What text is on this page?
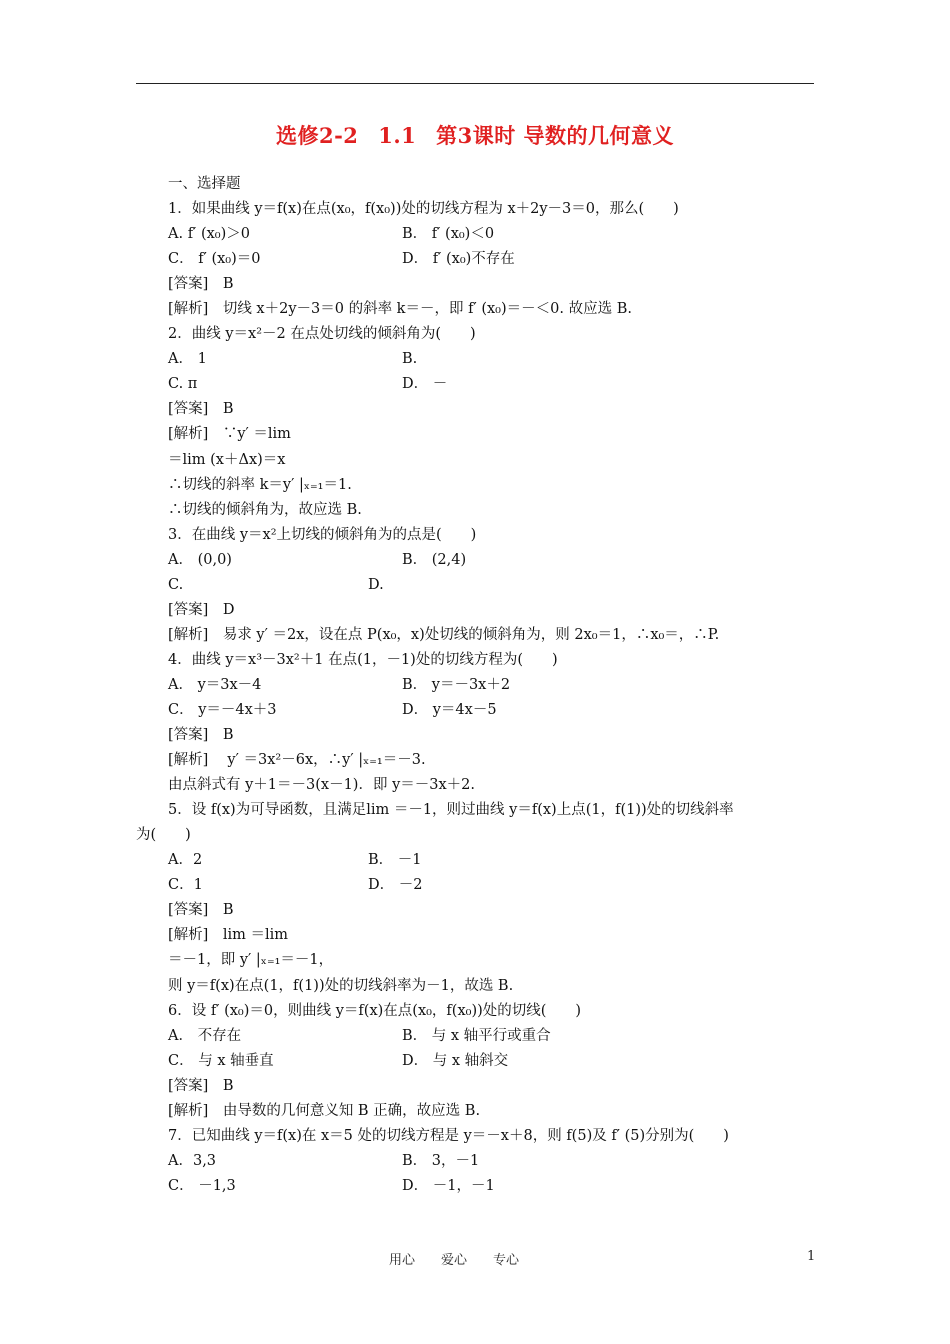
选修2-2 1.1 第3课时 导数的几何意义
一、选择题
1．如果曲线 y＝f(x)在点(x₀，f(x₀))处的切线方程为 x＋2y－3＝0，那么(　　)
A. f′ (x₀)＞0	B． f′ (x₀)＜0
C． f′ (x₀)＝0	D． f′ (x₀)不存在
[答案]　B
[解析]　切线 x＋2y－3＝0 的斜率 k＝－，即 f′ (x₀)＝－＜0. 故应选 B.
2．曲线 y＝x²－2 在点处切线的倾斜角为(　　)
A． 1	B.
C. π	D． －
[答案]　B
[解析]　∵y′ ＝lim
＝lim (x＋Δx)＝x
∴切线的斜率 k＝y′ |ₓ₌₁＝1.
∴切线的倾斜角为，故应选 B.
3．在曲线 y＝x²上切线的倾斜角为的点是(　　)
A． (0,0)	B． (2,4)
C.	D.
[答案]　D
[解析]　易求 y′ ＝2x，设在点 P(x₀，x)处切线的倾斜角为，则 2x₀＝1，∴x₀＝，∴P.
4．曲线 y＝x³－3x²＋1 在点(1，－1)处的切线方程为(　　)
A． y＝3x－4	B． y＝－3x＋2
C． y＝－4x＋3	D． y＝4x－5
[答案]　B
[解析]　 y′ ＝3x²－6x，∴y′ |ₓ₌₁＝－3.
由点斜式有 y＋1＝－3(x－1)．即 y＝－3x＋2.
5．设 f(x)为可导函数，且满足lim ＝－1，则过曲线 y＝f(x)上点(1，f(1))处的切线斜率
为(　　)
A．2	B． －1
C．1	D． －2
[答案]　B
[解析]　lim ＝lim
＝－1，即 y′ |ₓ₌₁＝－1，
则 y＝f(x)在点(1，f(1))处的切线斜率为－1，故选 B.
6．设 f′ (x₀)＝0，则曲线 y＝f(x)在点(x₀，f(x₀))处的切线(　　)
A． 不存在	B． 与 x 轴平行或重合
C． 与 x 轴垂直	D． 与 x 轴斜交
[答案]　B
[解析]　由导数的几何意义知 B 正确，故应选 B.
7．已知曲线 y＝f(x)在 x＝5 处的切线方程是 y＝－x＋8，则 f(5)及 f′ (5)分别为(　　)
A．3,3	B． 3，－1
C． －1,3	D． －1，－1
用心　　爱心　　专心	1
